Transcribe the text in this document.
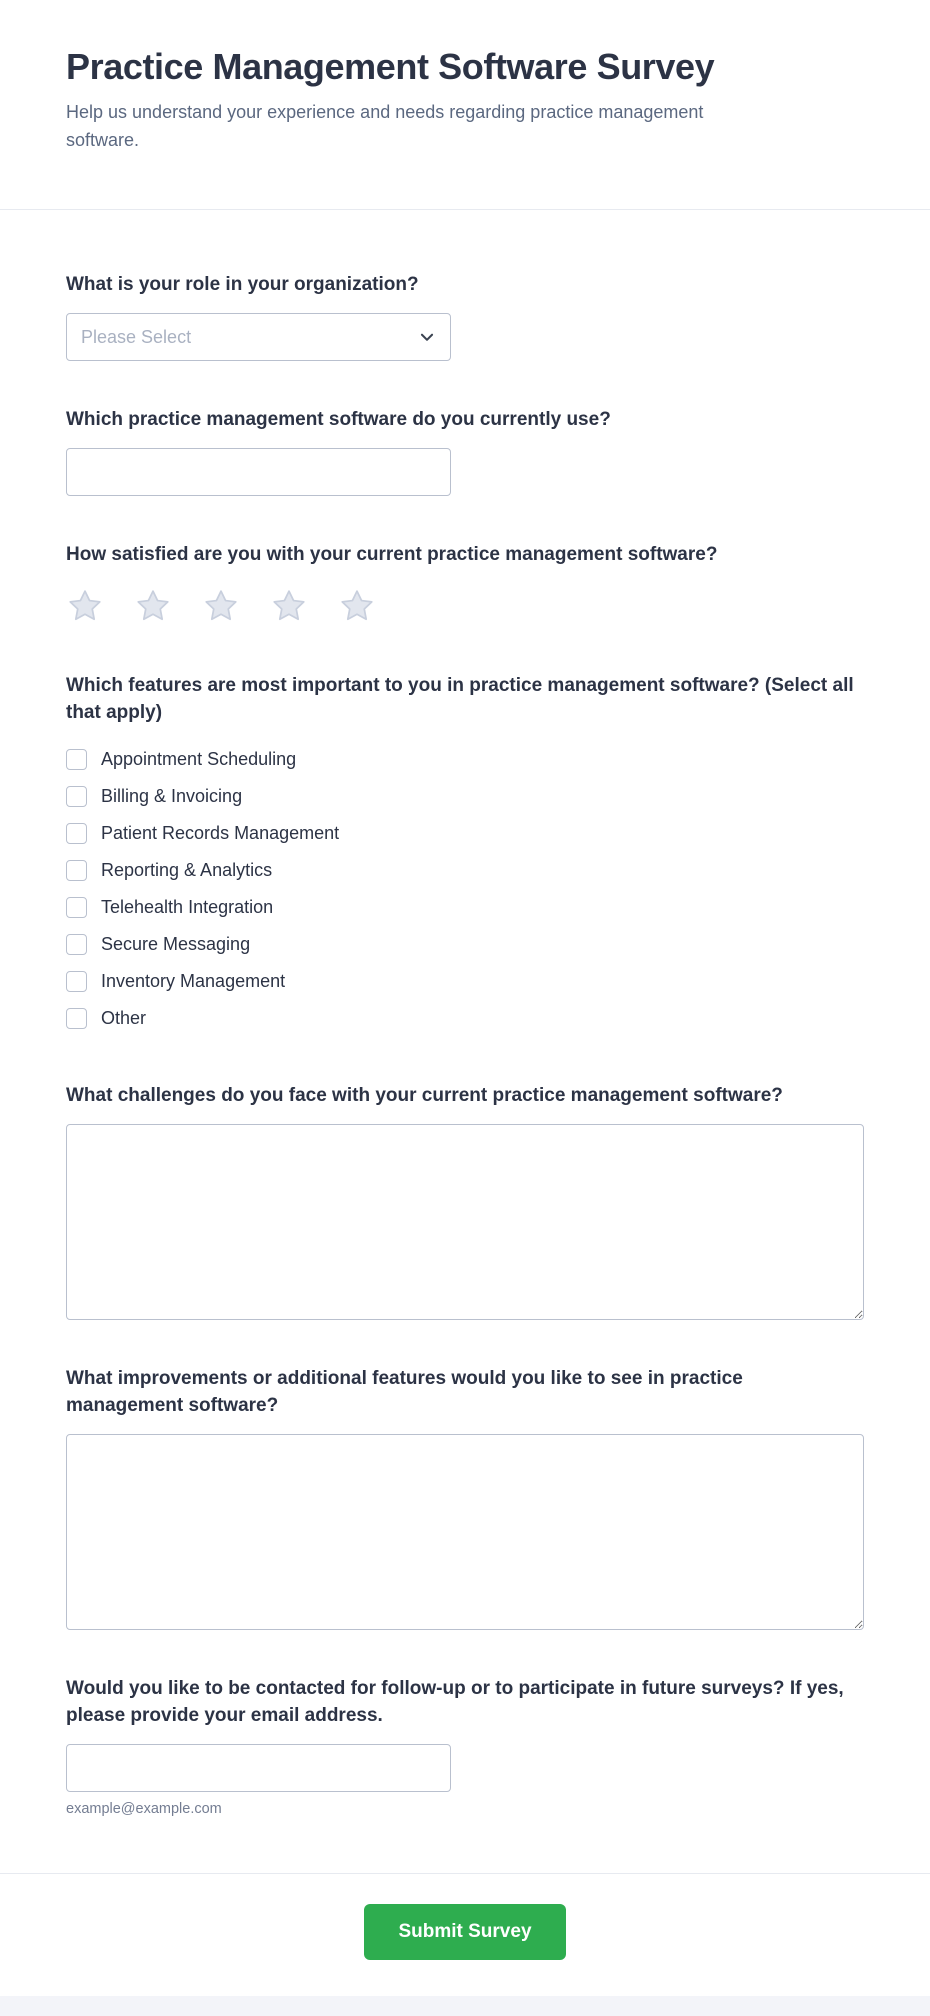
Practice Management Software Survey

Help us understand your experience and needs regarding practice management software.

What is your role in your organization?
Please Select
Which practice management software do you currently use?
How satisfied are you with your current practice management software?
Which features are most important to you in practice management software? (Select all that apply)
Appointment Scheduling
Billing & Invoicing
Patient Records Management
Reporting & Analytics
Telehealth Integration
Secure Messaging
Inventory Management
Other
What challenges do you face with your current practice management software?
What improvements or additional features would you like to see in practice management software?
Would you like to be contacted for follow-up or to participate in future surveys? If yes, please provide your email address.
example@example.com
Submit Survey
